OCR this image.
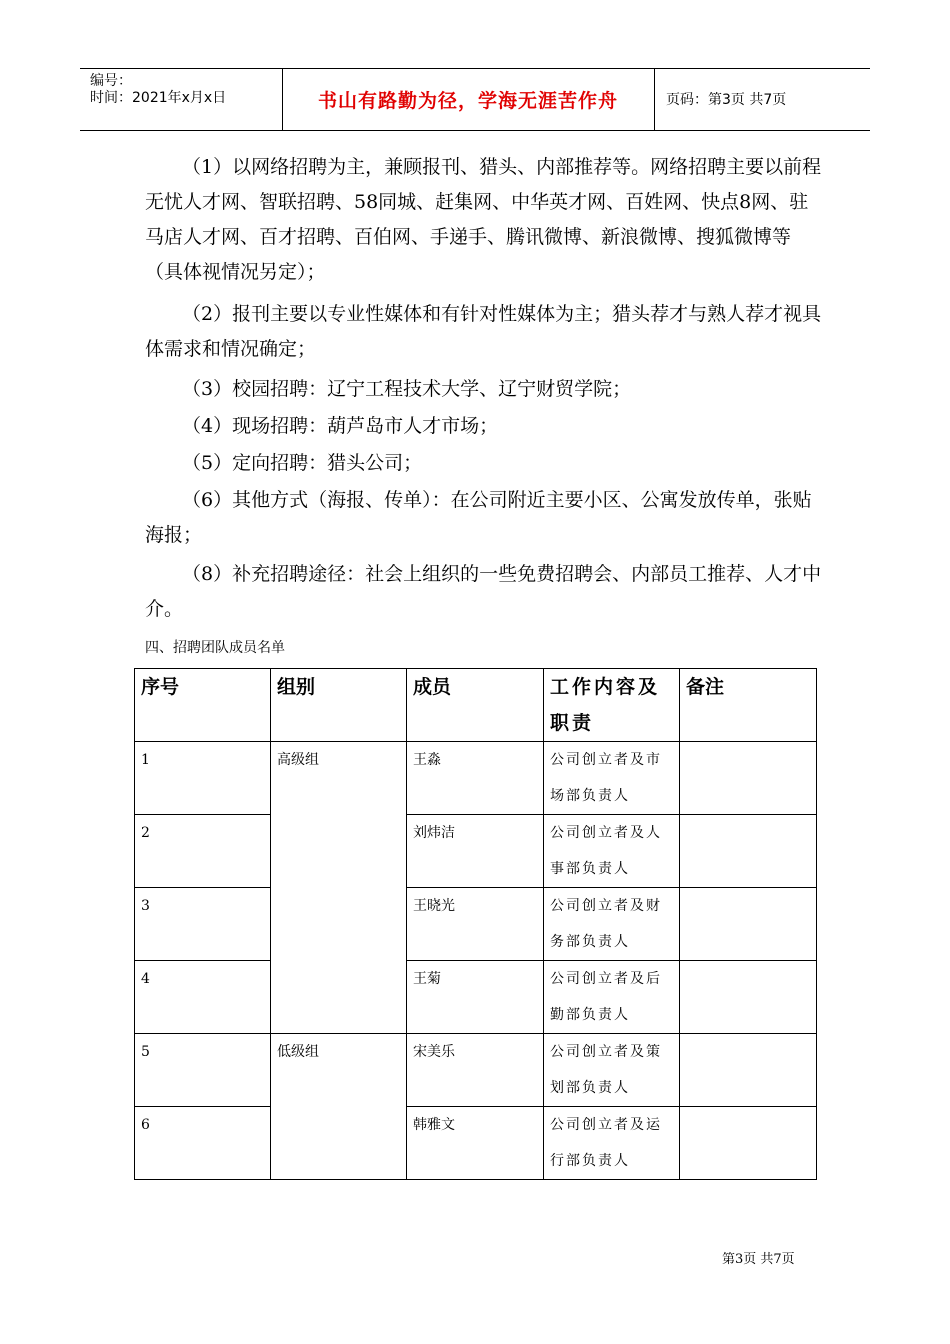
编号：
时间：2021年x月x日	书山有路勤为径，学海无涯苦作舟	页码：第3页 共7页
（1）以网络招聘为主，兼顾报刊、猎头、内部推荐等。网络招聘主要以前程无忧人才网、智联招聘、58同城、赶集网、中华英才网、百姓网、快点8网、驻马店人才网、百才招聘、百伯网、手递手、腾讯微博、新浪微博、搜狐微博等（具体视情况另定）；
（2）报刊主要以专业性媒体和有针对性媒体为主；猎头荐才与熟人荐才视具体需求和情况确定；
（3）校园招聘：辽宁工程技术大学、辽宁财贸学院；
（4）现场招聘：葫芦岛市人才市场；
（5）定向招聘：猎头公司；
（6）其他方式（海报、传单）：在公司附近主要小区、公寓发放传单，张贴海报；
（8）补充招聘途径：社会上组织的一些免费招聘会、内部员工推荐、人才中介。
四、招聘团队成员名单
序号	组别	成员	工作内容及职责	备注
1	高级组	王淼	公司创立者及市场部负责人	
2		刘炜洁	公司创立者及人事部负责人	
3		王晓光	公司创立者及财务部负责人	
4		王菊	公司创立者及后勤部负责人	
5	低级组	宋美乐	公司创立者及策划部负责人	
6		韩雅文	公司创立者及运行部负责人	
第3页 共7页
